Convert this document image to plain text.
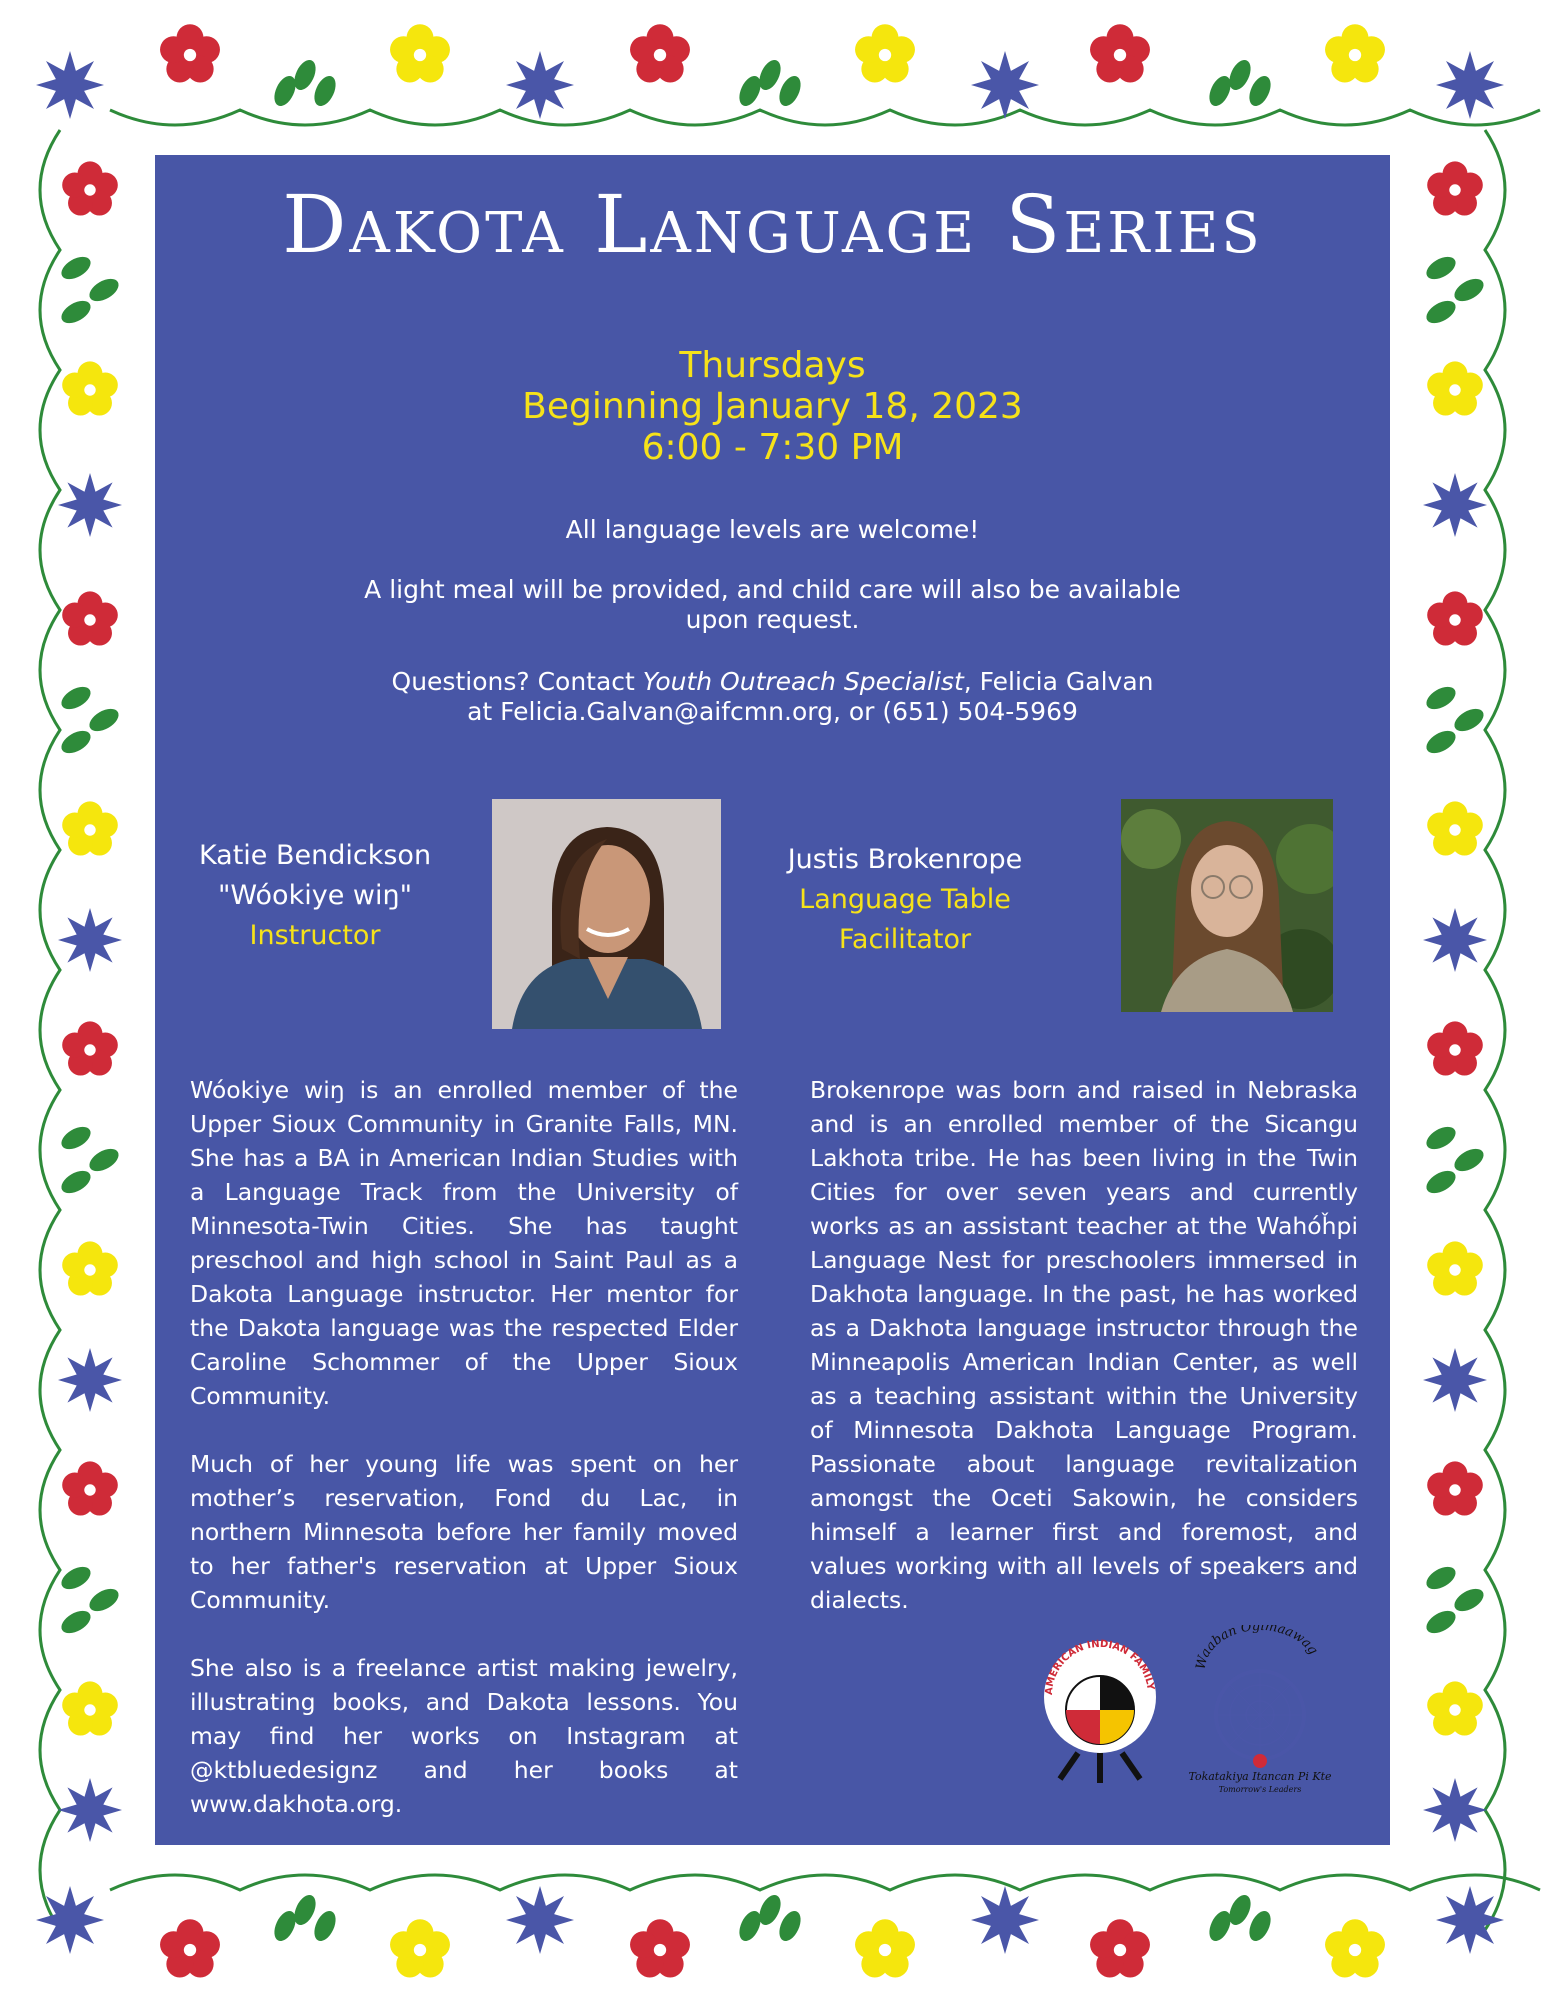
Dakota Language Series
Thursdays
Beginning January 18, 2023
6:00 - 7:30 PM
All language levels are welcome!
A light meal will be provided, and child care will also be available
upon request.
Questions? Contact Youth Outreach Specialist, Felicia Galvan
at Felicia.Galvan@aifcmn.org, or (651) 504-5969
Katie Bendickson
"Wóokiye wiŋ"
Instructor
Justis Brokenrope
Language Table
Facilitator

Wóokiye wiŋ is an enrolled member of the Upper Sioux Community in Granite Falls, MN. She has a BA in American Indian Studies with a Language Track from the University of Minnesota-Twin Cities. She has taught preschool and high school in Saint Paul as a Dakota Language instructor. Her mentor for the Dakota language was the respected Elder Caroline Schommer of the Upper Sioux Community.

Much of her young life was spent on her mother’s reservation, Fond du Lac, in northern Minnesota before her family moved to her father's reservation at Upper Sioux Community.

She also is a freelance artist making jewelry, illustrating books, and Dakota lessons. You may find her works on Instagram at @ktbluedesignz and her books at www.dakhota.org.

Brokenrope was born and raised in Nebraska and is an enrolled member of the Sicangu Lakhota tribe. He has been living in the Twin Cities for over seven years and currently works as an assistant teacher at the Wahóȟpi Language Nest for preschoolers immersed in Dakhota language. In the past, he has worked as a Dakhota language instructor through the Minneapolis American Indian Center, as well as a teaching assistant within the University of Minnesota Dakhota Language Program. Passionate about language revitalization amongst the Oceti Sakowin, he considers himself a learner first and foremost, and values working with all levels of speakers and dialects.

AMERICAN INDIAN FAMILY
Waaban Ogimaawag
Tokatakiya Itancan Pi Kte
Tomorrow's Leaders
